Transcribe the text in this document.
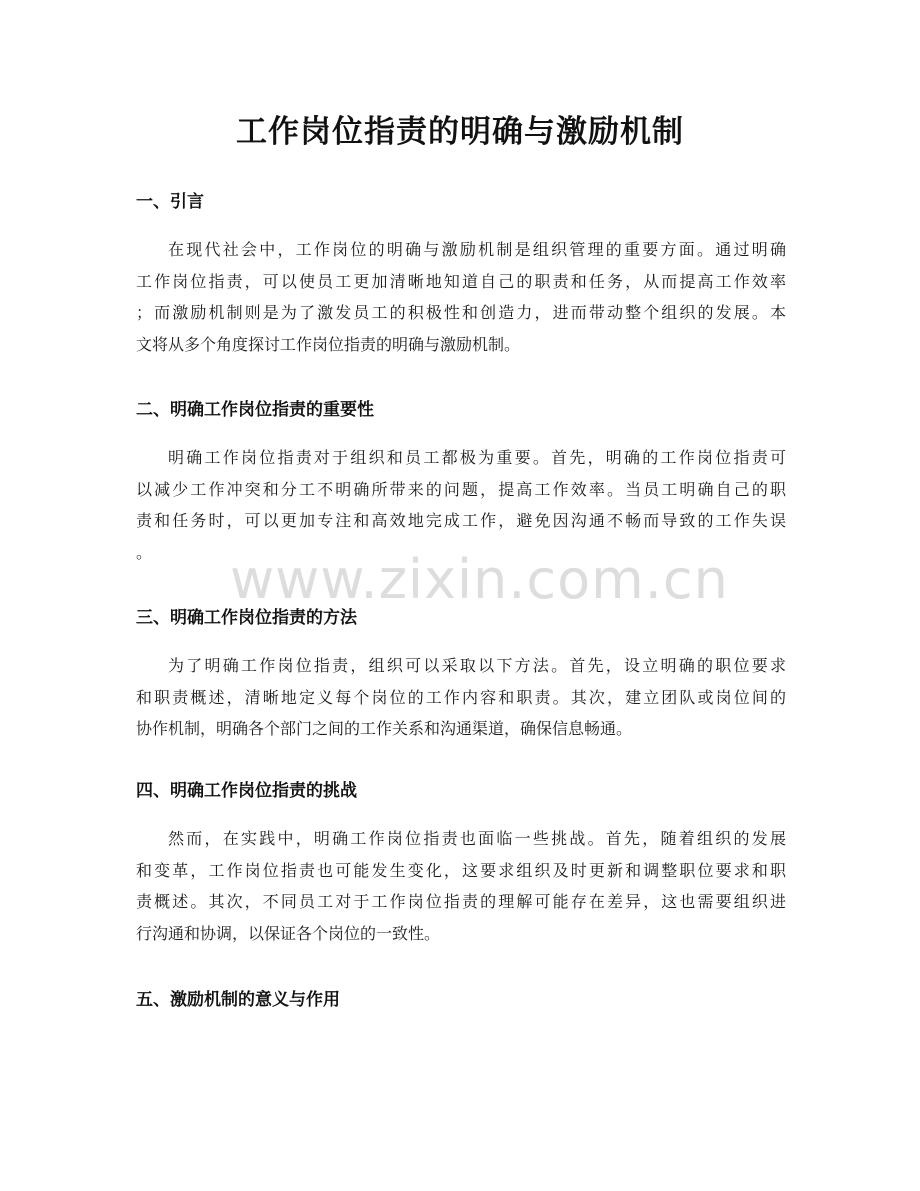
工作岗位指责的明确与激励机制
一、引言

在现代社会中，工作岗位的明确与激励机制是组织管理的重要方面。通过明确
工作岗位指责，可以使员工更加清晰地知道自己的职责和任务，从而提高工作效率
；而激励机制则是为了激发员工的积极性和创造力，进而带动整个组织的发展。本
文将从多个角度探讨工作岗位指责的明确与激励机制。

二、明确工作岗位指责的重要性

明确工作岗位指责对于组织和员工都极为重要。首先，明确的工作岗位指责可
以减少工作冲突和分工不明确所带来的问题，提高工作效率。当员工明确自己的职
责和任务时，可以更加专注和高效地完成工作，避免因沟通不畅而导致的工作失误
。

三、明确工作岗位指责的方法

为了明确工作岗位指责，组织可以采取以下方法。首先，设立明确的职位要求
和职责概述，清晰地定义每个岗位的工作内容和职责。其次，建立团队或岗位间的
协作机制，明确各个部门之间的工作关系和沟通渠道，确保信息畅通。

四、明确工作岗位指责的挑战

然而，在实践中，明确工作岗位指责也面临一些挑战。首先，随着组织的发展
和变革，工作岗位指责也可能发生变化，这要求组织及时更新和调整职位要求和职
责概述。其次，不同员工对于工作岗位指责的理解可能存在差异，这也需要组织进
行沟通和协调，以保证各个岗位的一致性。

五、激励机制的意义与作用
www.zixin.com.cn
